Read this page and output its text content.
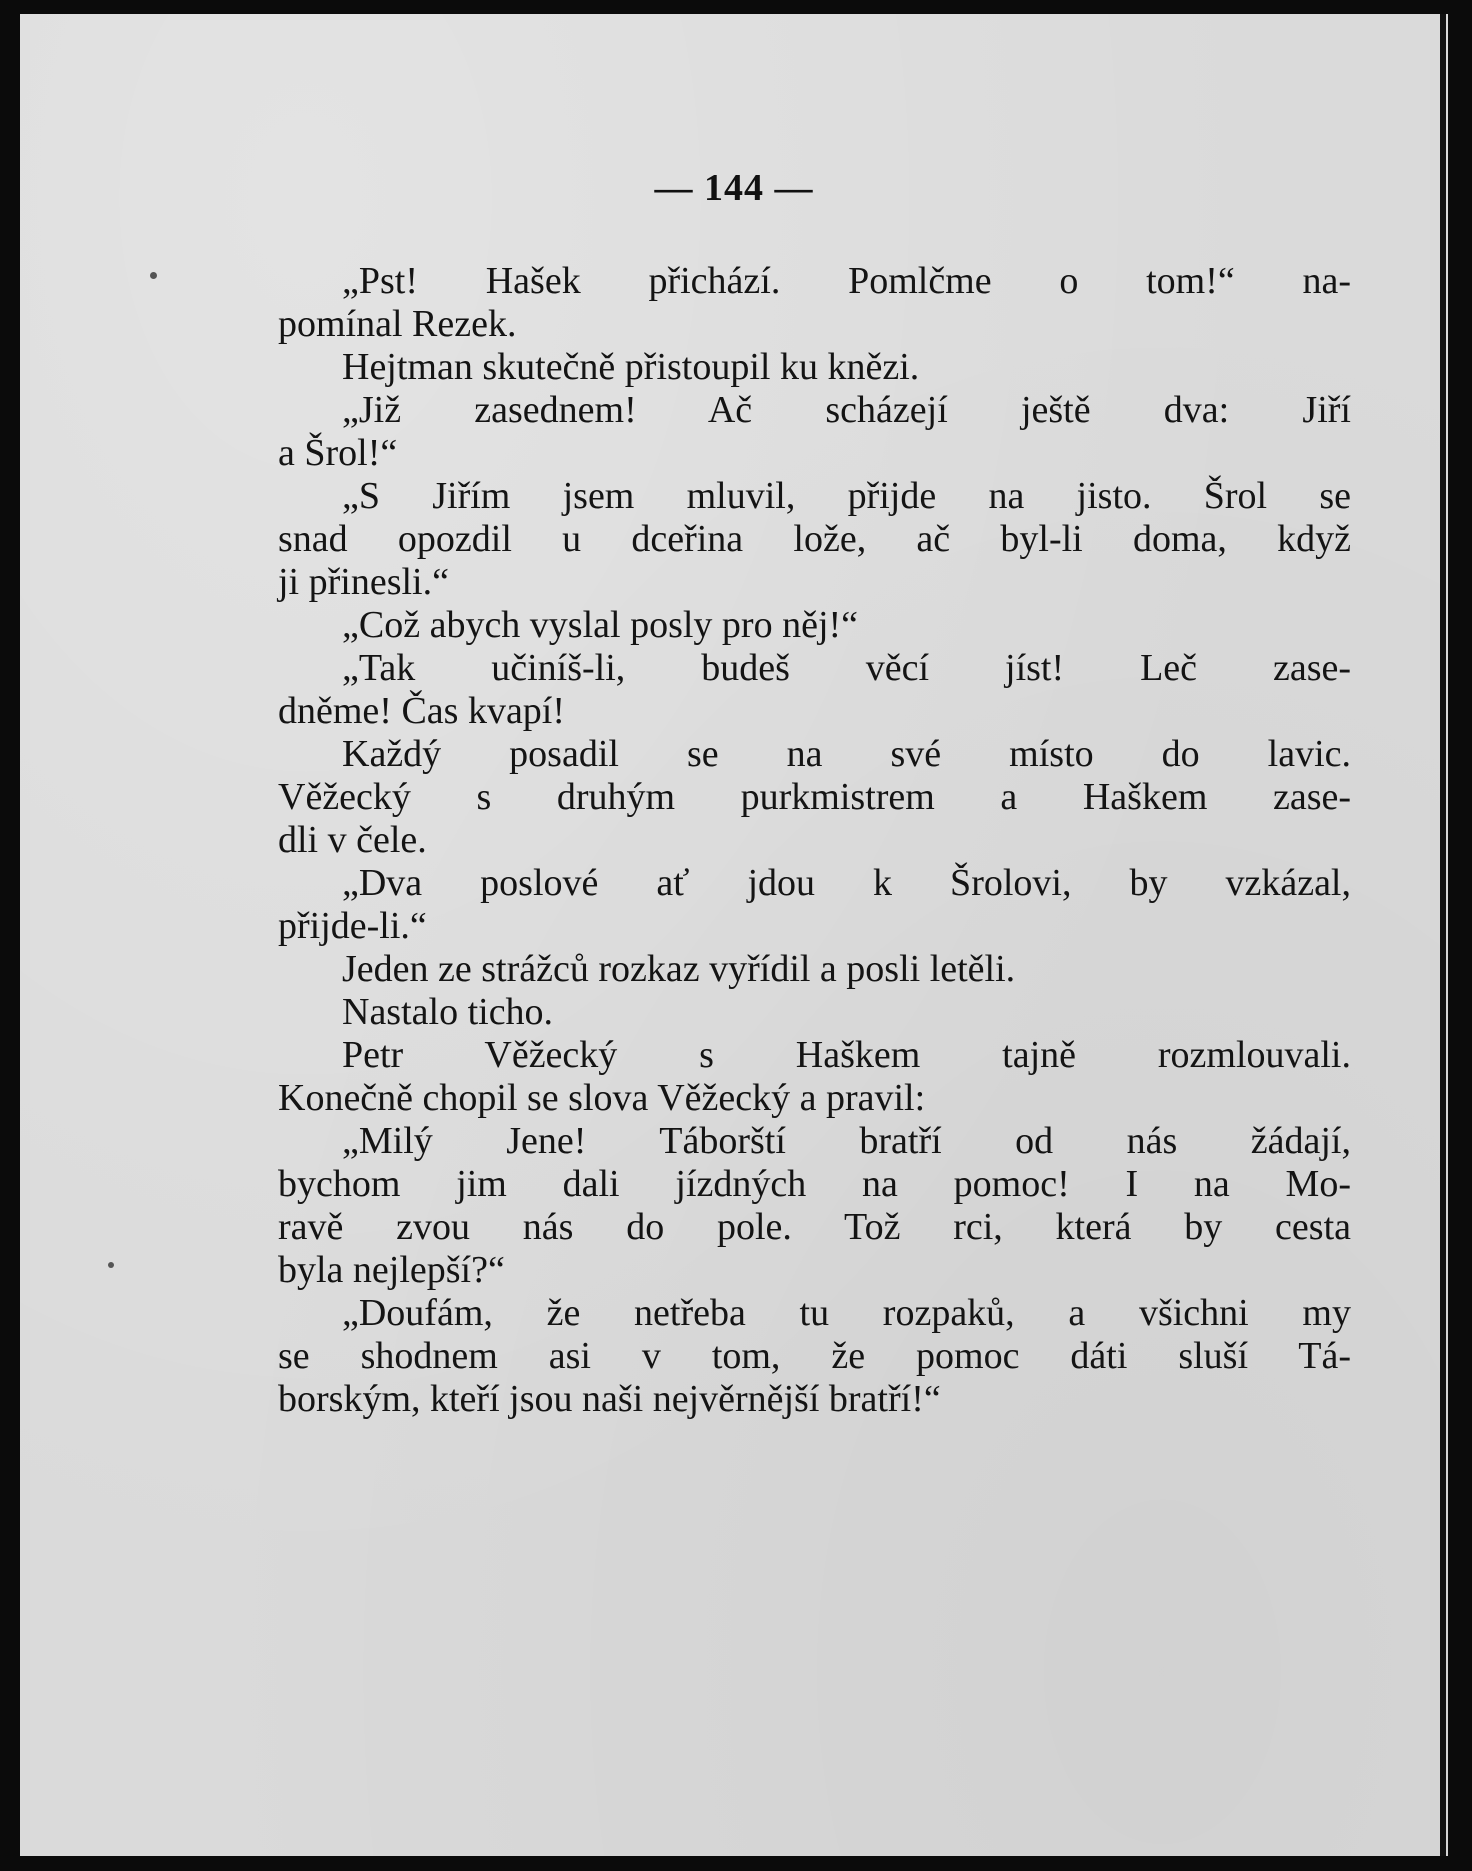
— 144 —
„Pst! Hašek přichází. Pomlčme o tom!“ na-
pomínal Rezek.
Hejtman skutečně přistoupil ku knězi.
„Již zasednem! Ač scházejí ještě dva: Jiří
a Šrol!“
„S Jiřím jsem mluvil, přijde na jisto. Šrol se
snad opozdil u dceřina lože, ač byl-li doma, když
ji přinesli.“
„Což abych vyslal posly pro něj!“
„Tak učiníš-li, budeš věcí jíst! Leč zase-
dněme! Čas kvapí!
Každý posadil se na své místo do lavic.
Věžecký s druhým purkmistrem a Haškem zase-
dli v čele.
„Dva poslové ať jdou k Šrolovi, by vzkázal,
přijde-li.“
Jeden ze strážců rozkaz vyřídil a posli letěli.
Nastalo ticho.
Petr Věžecký s Haškem tajně rozmlouvali.
Konečně chopil se slova Věžecký a pravil:
„Milý Jene! Táborští bratří od nás žádají,
bychom jim dali jízdných na pomoc! I na Mo-
ravě zvou nás do pole. Tož rci, která by cesta
byla nejlepší?“
„Doufám, že netřeba tu rozpaků, a všichni my
se shodnem asi v tom, že pomoc dáti sluší Tá-
borským, kteří jsou naši nejvěrnější bratří!“
